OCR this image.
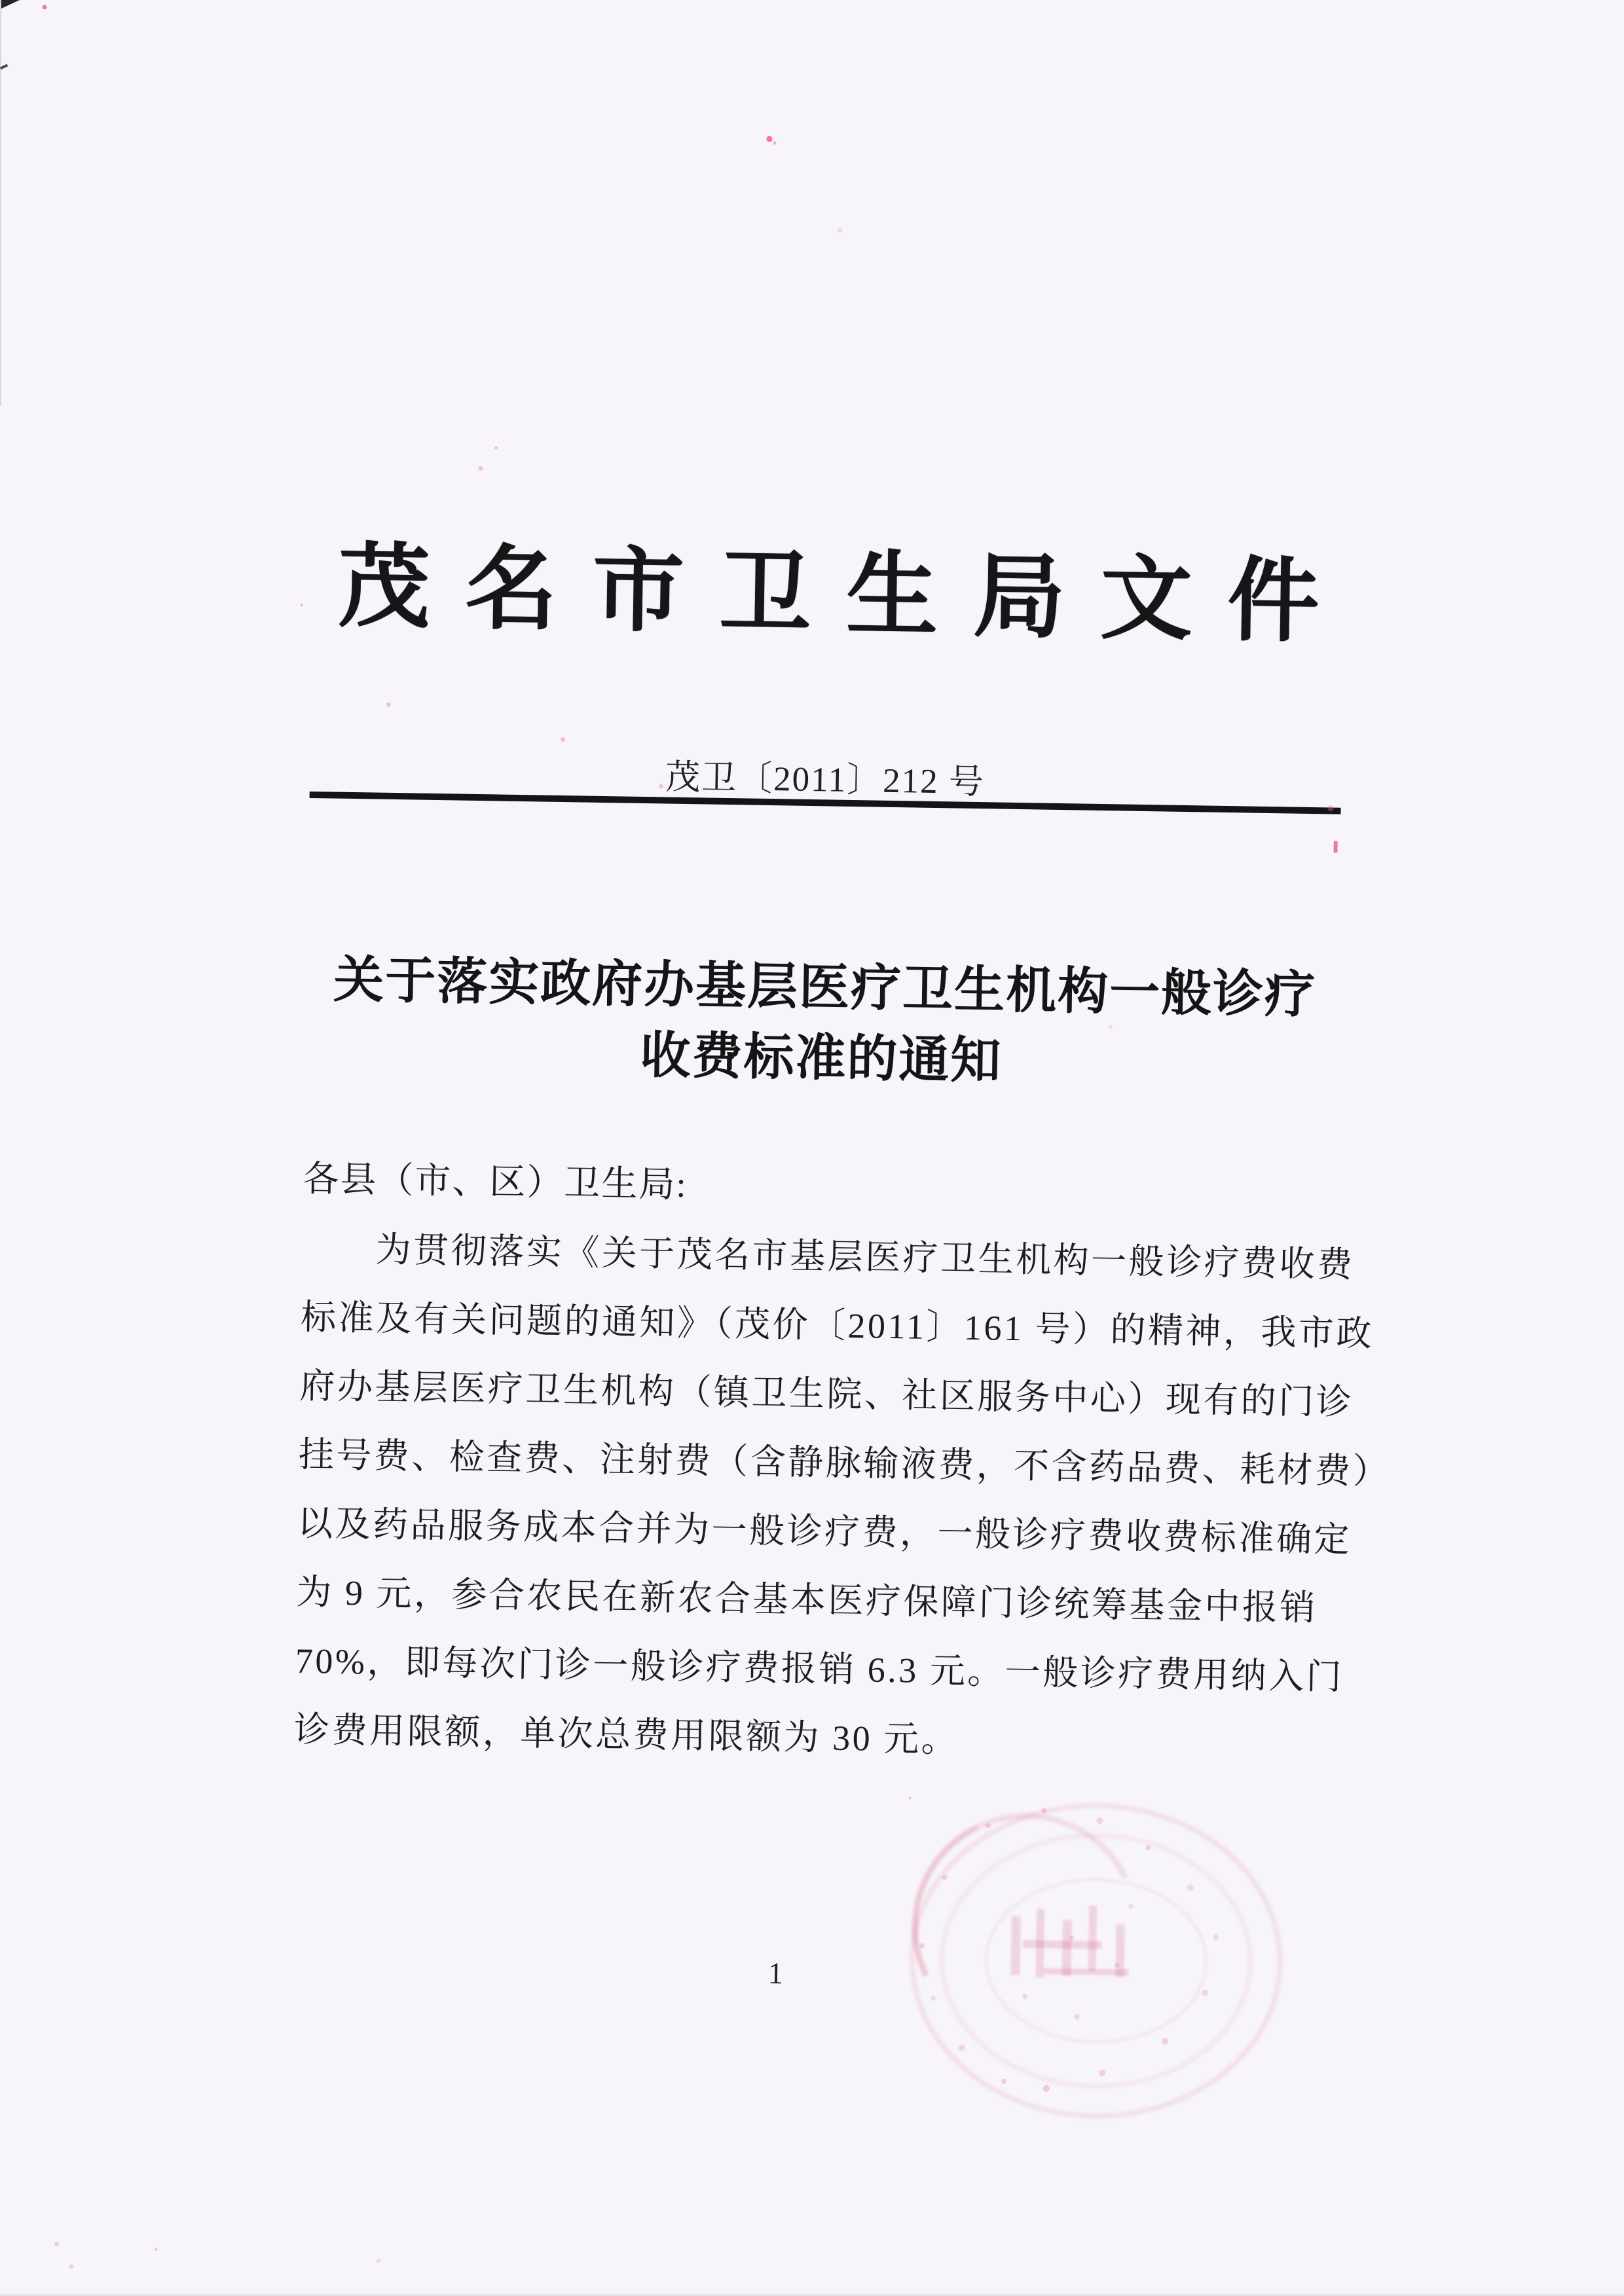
茂名市卫生局文件
茂卫〔2011〕212 号
关于落实政府办基层医疗卫生机构一般诊疗
收费标准的通知
各县（市、区）卫生局:
为贯彻落实《关于茂名市基层医疗卫生机构一般诊疗费收费
标准及有关问题的通知》（茂价〔2011〕161 号）的精神，我市政
府办基层医疗卫生机构（镇卫生院、社区服务中心）现有的门诊
挂号费、检查费、注射费（含静脉输液费，不含药品费、耗材费）
以及药品服务成本合并为一般诊疗费，一般诊疗费收费标准确定
为 9 元，参合农民在新农合基本医疗保障门诊统筹基金中报销
70%，即每次门诊一般诊疗费报销 6.3 元。一般诊疗费用纳入门
诊费用限额，单次总费用限额为 30 元。
1
